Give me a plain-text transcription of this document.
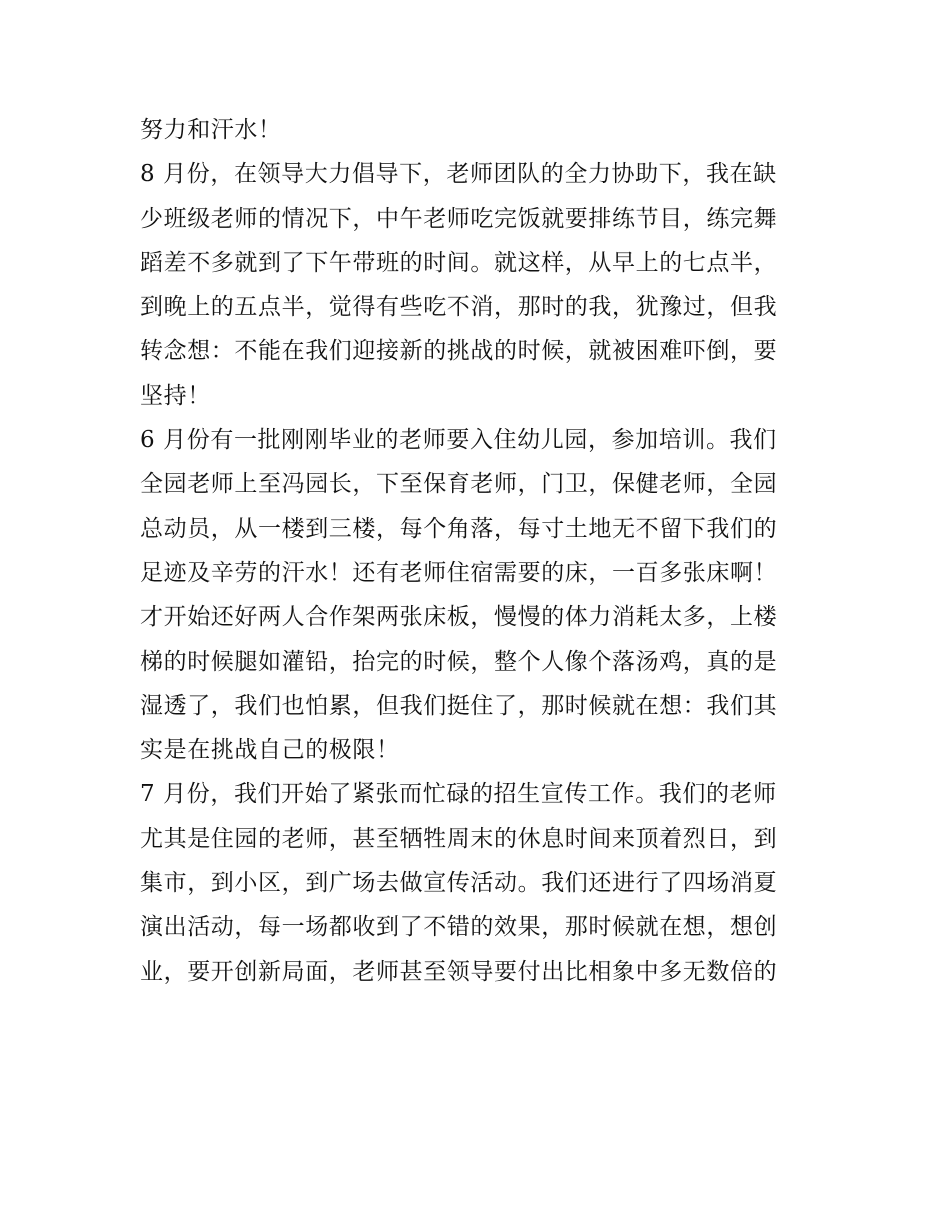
努力和汗水！
8 月份，在领导大力倡导下，老师团队的全力协助下，我在缺
少班级老师的情况下，中午老师吃完饭就要排练节目，练完舞
蹈差不多就到了下午带班的时间。就这样，从早上的七点半，
到晚上的五点半，觉得有些吃不消，那时的我，犹豫过，但我
转念想：不能在我们迎接新的挑战的时候，就被困难吓倒，要
坚持！
6 月份有一批刚刚毕业的老师要入住幼儿园，参加培训。我们
全园老师上至冯园长，下至保育老师，门卫，保健老师，全园
总动员，从一楼到三楼，每个角落，每寸土地无不留下我们的
足迹及辛劳的汗水！还有老师住宿需要的床，一百多张床啊！
才开始还好两人合作架两张床板，慢慢的体力消耗太多，上楼
梯的时候腿如灌铅，抬完的时候，整个人像个落汤鸡，真的是
湿透了，我们也怕累，但我们挺住了，那时候就在想：我们其
实是在挑战自己的极限！
7 月份，我们开始了紧张而忙碌的招生宣传工作。我们的老师
尤其是住园的老师，甚至牺牲周末的休息时间来顶着烈日，到
集市，到小区，到广场去做宣传活动。我们还进行了四场消夏
演出活动，每一场都收到了不错的效果，那时候就在想，想创
业，要开创新局面，老师甚至领导要付出比相象中多无数倍的
